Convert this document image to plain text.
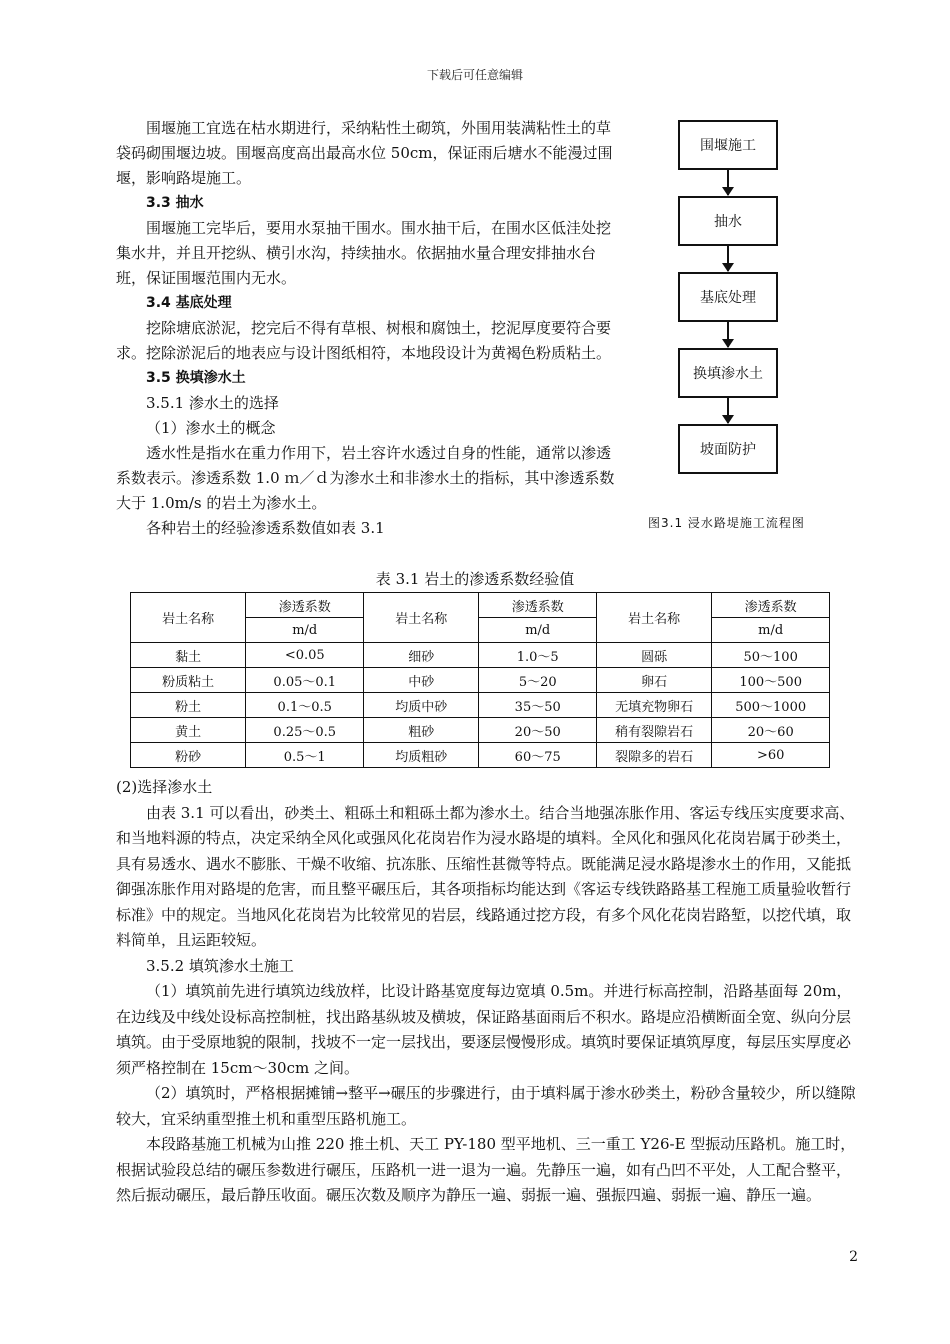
下载后可任意编辑

围堰施工宜选在枯水期进行，采纳粘性土砌筑，外围用装满粘性土的草袋码砌围堰边坡。围堰高度高出最高水位 50cm，保证雨后塘水不能漫过围堰，影响路堤施工。

3.3 抽水

围堰施工完毕后，要用水泵抽干围水。围水抽干后，在围水区低洼处挖集水井，并且开挖纵、横引水沟，持续抽水。依据抽水量合理安排抽水台班，保证围堰范围内无水。

3.4 基底处理

挖除塘底淤泥，挖完后不得有草根、树根和腐蚀土，挖泥厚度要符合要求。挖除淤泥后的地表应与设计图纸相符，本地段设计为黄褐色粉质粘土。

3.5 换填渗水土

3.5.1 渗水土的选择

（1）渗水土的概念

透水性是指水在重力作用下，岩土容许水透过自身的性能，通常以渗透系数表示。渗透系数 1.0 ｍ／ｄ为渗水土和非渗水土的指标，其中渗透系数大于 1.0m/s 的岩土为渗水土。

各种岩土的经验渗透系数值如表 3.1

围堰施工
抽水
基底处理
换填渗水土
坡面防护
图3.1 浸水路堤施工流程图
表 3.1 岩土的渗透系数经验值
岩土名称	渗透系数	岩土名称	渗透系数	岩土名称	渗透系数
	m/d		m/d		m/d
黏土	<0.05	细砂	1.0～5	圆砾	50～100
粉质粘土	0.05～0.1	中砂	5～20	卵石	100～500
粉土	0.1～0.5	均质中砂	35～50	无填充物卵石	500～1000
黄土	0.25～0.5	粗砂	20～50	稍有裂隙岩石	20～60
粉砂	0.5～1	均质粗砂	60～75	裂隙多的岩石	>60

(2)选择渗水土

由表 3.1 可以看出，砂类土、粗砾土和粗砾土都为渗水土。结合当地强冻胀作用、客运专线压实度要求高、和当地料源的特点，决定采纳全风化或强风化花岗岩作为浸水路堤的填料。全风化和强风化花岗岩属于砂类土，具有易透水、遇水不膨胀、干燥不收缩、抗冻胀、压缩性甚微等特点。既能满足浸水路堤渗水土的作用，又能抵御强冻胀作用对路堤的危害，而且整平碾压后，其各项指标均能达到《客运专线铁路路基工程施工质量验收暂行标准》中的规定。当地风化花岗岩为比较常见的岩层，线路通过挖方段，有多个风化花岗岩路堑，以挖代填，取料简单，且运距较短。

3.5.2 填筑渗水土施工

（1）填筑前先进行填筑边线放样，比设计路基宽度每边宽填 0.5m。并进行标高控制，沿路基面每 20m，在边线及中线处设标高控制桩，找出路基纵坡及横坡，保证路基面雨后不积水。路堤应沿横断面全宽、纵向分层填筑。由于受原地貌的限制，找坡不一定一层找出，要逐层慢慢形成。填筑时要保证填筑厚度，每层压实厚度必须严格控制在 15cm～30cm 之间。

（2）填筑时，严格根据摊铺→整平→碾压的步骤进行，由于填料属于渗水砂类土，粉砂含量较少，所以缝隙较大，宜采纳重型推土机和重型压路机施工。

本段路基施工机械为山推 220 推土机、天工 PY-180 型平地机、三一重工 Y26-E 型振动压路机。施工时，根据试验段总结的碾压参数进行碾压，压路机一进一退为一遍。先静压一遍，如有凸凹不平处，人工配合整平，然后振动碾压，最后静压收面。碾压次数及顺序为静压一遍、弱振一遍、强振四遍、弱振一遍、静压一遍。

2
